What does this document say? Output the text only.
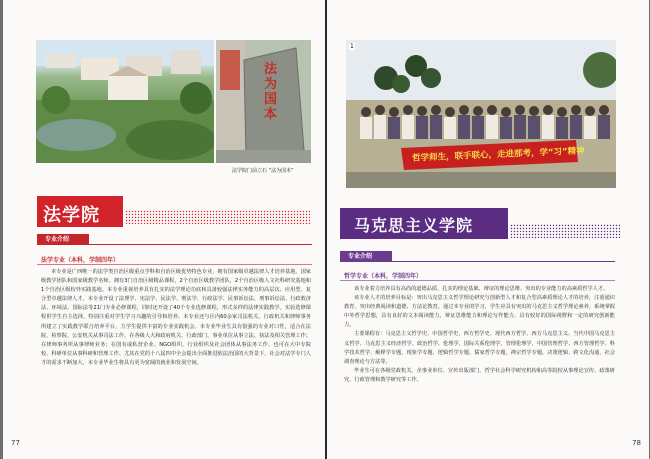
法为国本
法学院门前立石 “法为国本”
法学院
专业介绍
法学专业（本科，学制四年）

本专业是广西唯一的法学类自治区级重点学科和自治区级优势特色专业，拥有国家级卓越法律人才培养基地、国家级教学团队和国家级教学名师。拥有3门自治区级精品课程，2个自治区级教学团队，2个自治区级人文社科研究基地和1个自治区级校外实践基地。本专业重视培养具有扎实的法学理论功底和具备较强法律实务能力的高层次、应用型、复合型卓越法律人才。本专业开设了法理学、宪法学、民法学、刑法学、行政法学、民事诉讼法、刑事诉讼法、行政救济法、环境法、国际法等21门专业必修课程，同时还开设了40个专业选修课程，形式多样的法律实践教学。实验选修课程供学生自主选择，特别注重对学生学习兴趣的引导和培养。本专业还与区内60余家司法机关、行政机关和律师事务所建立了实践教学联合培养平台，力学生提供丰富的专业实践机会。本专业毕业生具有很强的专业对口性，适合在法院、检察院、公安机关从事司法工作，在各级人大和政府机关、行政部门、事业单位从事立法、执法及相关管理工作；在律师事务所从事律师业务；在国有或私营企业、NGO组织、行业组织及社会团体从事法务工作，也可在大中专院校、科研单位从事科研和管理工作。尤其在党的十八届四中全会提出全面推进依法治国的大背景下，社会对法学专门人才的需求不断加大，本专业毕业生将具有更为宽阔的就业和发展空间。

77
哲学师生，联手联心，走进那考，学“习”精神
1
马克思主义学院
专业介绍
哲学专业（本科，学制四年）

该专业着力培养具有高尚的道德品质、扎实的理论基础、辩证的理论思维、突出的专业能力的高素质哲学人才。

该专业人才的培养目标是：突出马克思主义哲学理论研究与创新型人才和复合型高素质理论人才的培养，注重通识教育，突出经典阅读和道德、方法论教育。通过本专业的学习，学生应具有突出的马克思主义哲学理论素养，系统掌握中外哲学思想，具有良好的文本阅读能力、辩证思维能力和理论写作能力，具有较好的国际视野和一定的研究创新能力。

主要课程有：马克思主义哲学史、中国哲学史、西方哲学史、现代西方哲学、西方马克思主义、当代中国马克思主义哲学、马克思主义经济哲学、政治哲学、伦理学、国际关系伦理学、管理伦理学、中国管理哲学、西方管理哲学、科学技术哲学、解释学专题、现象学专题、逻辑哲学专题、儒家哲学专题、禅宗哲学专题、决策逻辑、跨文化沟通、社会调查理论与方法等。

毕业生可在各级党政机关、企事业单位、宣传出版部门、哲学社会科学研究机构和高等院校从事理论宣传、政策研究、行政管理和教学研究等工作。

78
